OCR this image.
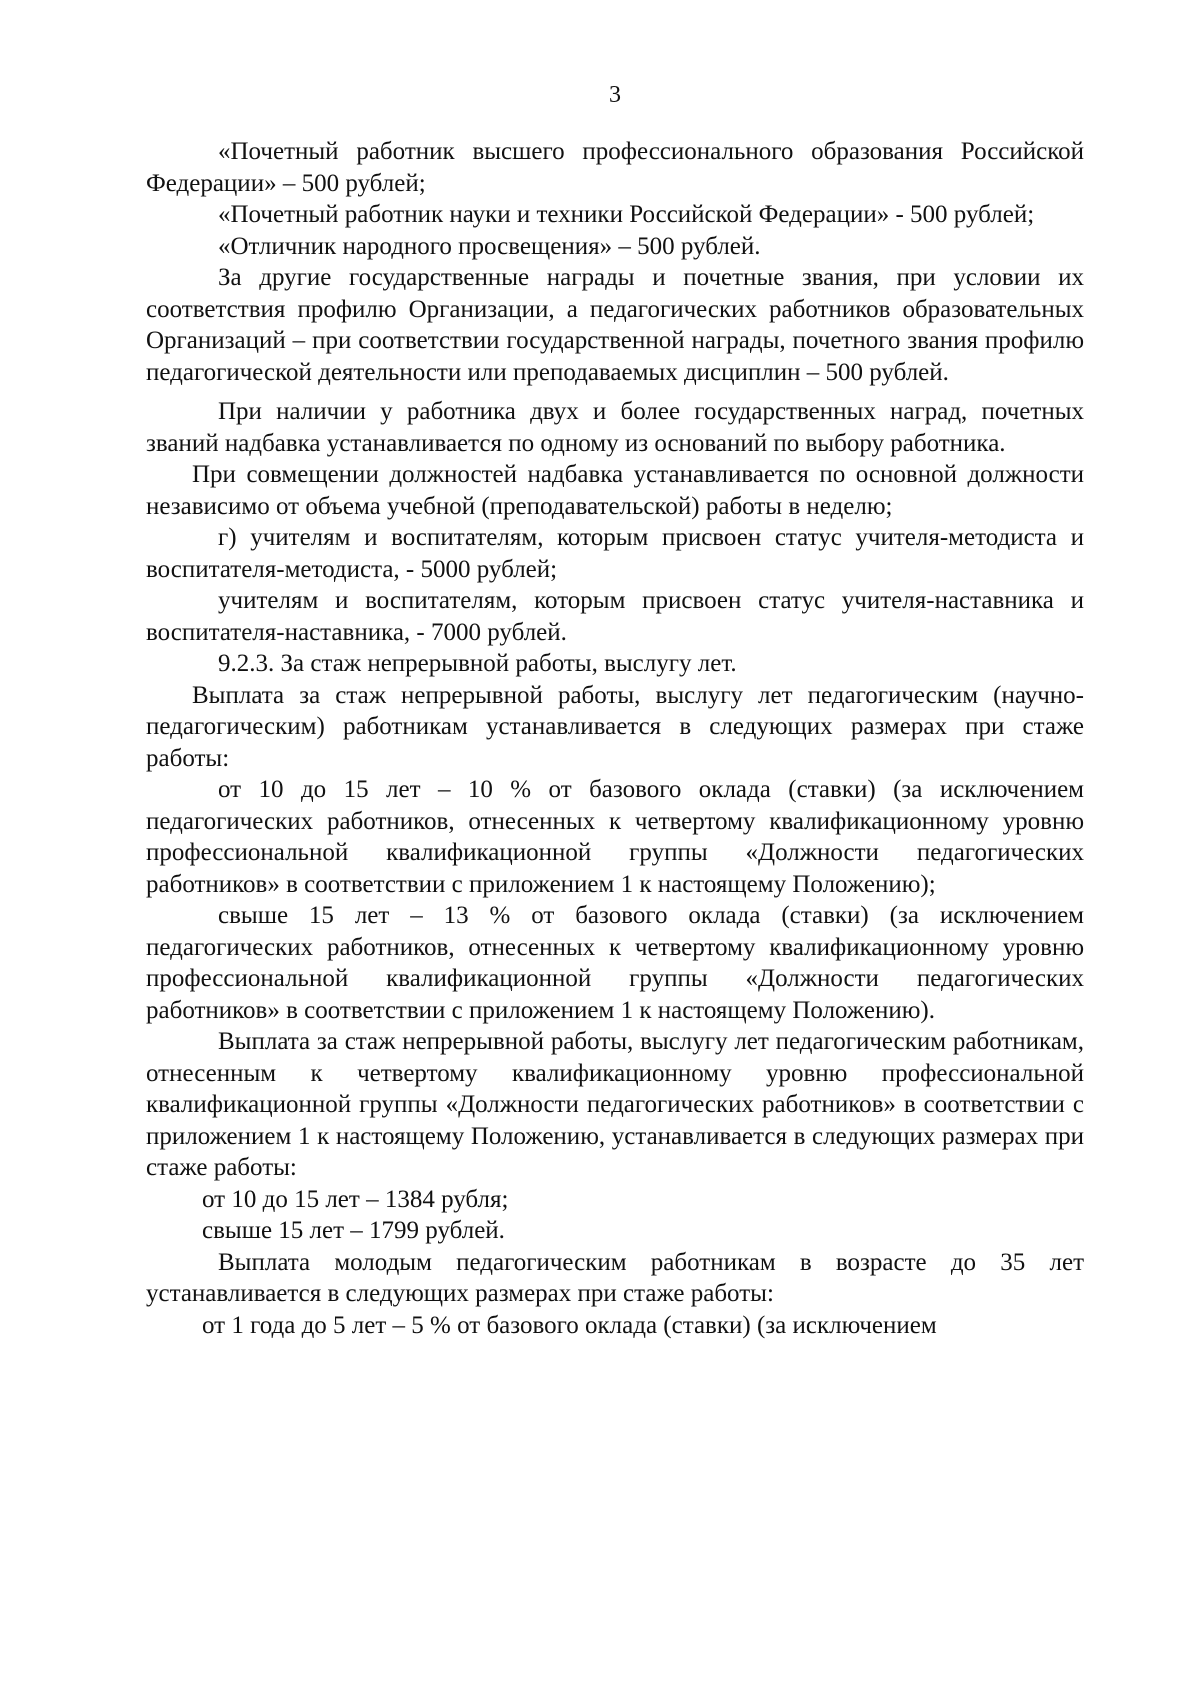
3

«Почетный работник высшего профессионального образования Российской Федерации» – 500 рублей;

«Почетный работник науки и техники Российской Федерации» - 500 рублей;

«Отличник народного просвещения» – 500 рублей.

За другие государственные награды и почетные звания, при условии их соответствия профилю Организации, а педагогических работников образовательных Организаций – при соответствии государственной награды, почетного звания профилю педагогической деятельности или преподаваемых дисциплин – 500 рублей.

При наличии у работника двух и более государственных наград, почетных званий надбавка устанавливается по одному из оснований по выбору работника.

При совмещении должностей надбавка устанавливается по основной должности независимо от объема учебной (преподавательской) работы в неделю;

г) учителям и воспитателям, которым присвоен статус учителя-методиста и воспитателя-методиста, - 5000 рублей;

учителям и воспитателям, которым присвоен статус учителя-наставника и воспитателя-наставника, - 7000 рублей.

9.2.3. За стаж непрерывной работы, выслугу лет.

Выплата за стаж непрерывной работы, выслугу лет педагогическим (научно-педагогическим) работникам устанавливается в следующих размерах при стаже работы:

от 10 до 15 лет – 10 % от базового оклада (ставки) (за исключением педагогических работников, отнесенных к четвертому квалификационному уровню профессиональной квалификационной группы «Должности педагогических работников» в соответствии с приложением 1 к настоящему Положению);

свыше 15 лет – 13 % от базового оклада (ставки) (за исключением педагогических работников, отнесенных к четвертому квалификационному уровню профессиональной квалификационной группы «Должности педагогических работников» в соответствии с приложением 1 к настоящему Положению).

Выплата за стаж непрерывной работы, выслугу лет педагогическим работникам, отнесенным к четвертому квалификационному уровню профессиональной квалификационной группы «Должности педагогических работников» в соответствии с приложением 1 к настоящему Положению, устанавливается в следующих размерах при стаже работы:

от 10 до 15 лет – 1384 рубля;

свыше 15 лет – 1799 рублей.

Выплата молодым педагогическим работникам в возрасте до 35 лет устанавливается в следующих размерах при стаже работы:

от 1 года до 5 лет – 5 % от базового оклада (ставки) (за исключением
